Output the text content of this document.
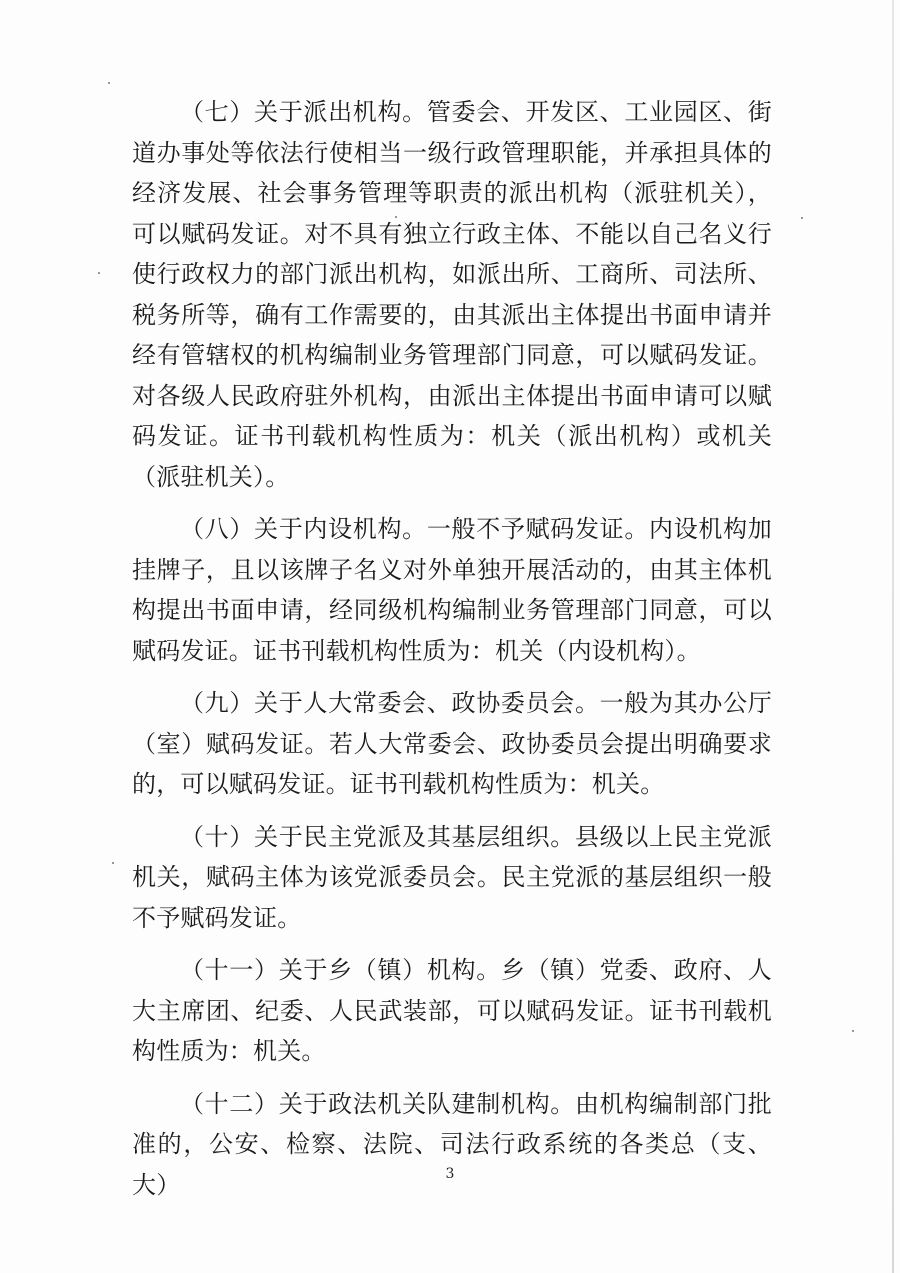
（七）关于派出机构。管委会、开发区、工业园区、街道办事处等依法行使相当一级行政管理职能，并承担具体的经济发展、社会事务管理等职责的派出机构（派驻机关），可以赋码发证。对不具有独立行政主体、不能以自己名义行使行政权力的部门派出机构，如派出所、工商所、司法所、税务所等，确有工作需要的，由其派出主体提出书面申请并经有管辖权的机构编制业务管理部门同意，可以赋码发证。对各级人民政府驻外机构，由派出主体提出书面申请可以赋码发证。证书刊载机构性质为：机关（派出机构）或机关（派驻机关）。

（八）关于内设机构。一般不予赋码发证。内设机构加挂牌子，且以该牌子名义对外单独开展活动的，由其主体机构提出书面申请，经同级机构编制业务管理部门同意，可以赋码发证。证书刊载机构性质为：机关（内设机构）。

（九）关于人大常委会、政协委员会。一般为其办公厅（室）赋码发证。若人大常委会、政协委员会提出明确要求的，可以赋码发证。证书刊载机构性质为：机关。

（十）关于民主党派及其基层组织。县级以上民主党派机关，赋码主体为该党派委员会。民主党派的基层组织一般不予赋码发证。

（十一）关于乡（镇）机构。乡（镇）党委、政府、人大主席团、纪委、人民武装部，可以赋码发证。证书刊载机构性质为：机关。

（十二）关于政法机关队建制机构。由机构编制部门批准的，公安、检察、法院、司法行政系统的各类总（支、大）	3
